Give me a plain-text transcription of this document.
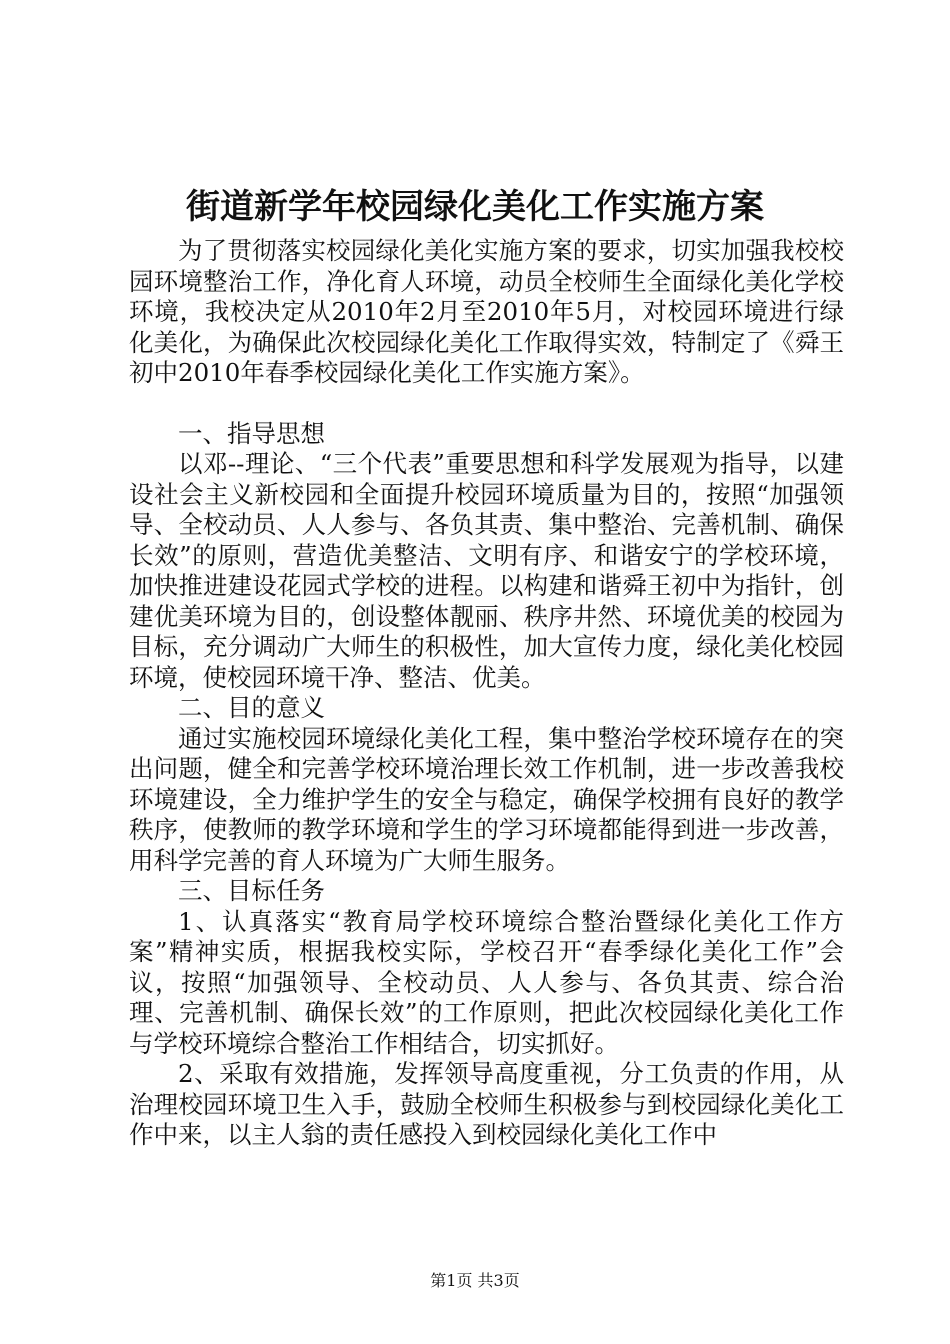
街道新学年校园绿化美化工作实施方案

为了贯彻落实校园绿化美化实施方案的要求，切实加强我校校园环境整治工作，净化育人环境，动员全校师生全面绿化美化学校环境，我校决定从2010年2月至2010年5月，对校园环境进行绿化美化，为确保此次校园绿化美化工作取得实效，特制定了《舜王初中2010年春季校园绿化美化工作实施方案》。

一、指导思想

以邓--理论、“三个代表”重要思想和科学发展观为指导，以建设社会主义新校园和全面提升校园环境质量为目的，按照“加强领导、全校动员、人人参与、各负其责、集中整治、完善机制、确保长效”的原则，营造优美整洁、文明有序、和谐安宁的学校环境，加快推进建设花园式学校的进程。以构建和谐舜王初中为指针，创建优美环境为目的，创设整体靓丽、秩序井然、环境优美的校园为目标，充分调动广大师生的积极性，加大宣传力度，绿化美化校园环境，使校园环境干净、整洁、优美。

二、目的意义

通过实施校园环境绿化美化工程，集中整治学校环境存在的突出问题，健全和完善学校环境治理长效工作机制，进一步改善我校环境建设，全力维护学生的安全与稳定，确保学校拥有良好的教学秩序，使教师的教学环境和学生的学习环境都能得到进一步改善，用科学完善的育人环境为广大师生服务。

三、目标任务

1、认真落实“教育局学校环境综合整治暨绿化美化工作方案”精神实质，根据我校实际，学校召开“春季绿化美化工作”会议，按照“加强领导、全校动员、人人参与、各负其责、综合治理、完善机制、确保长效”的工作原则，把此次校园绿化美化工作与学校环境综合整治工作相结合，切实抓好。

2、采取有效措施，发挥领导高度重视，分工负责的作用，从治理校园环境卫生入手，鼓励全校师生积极参与到校园绿化美化工作中来，以主人翁的责任感投入到校园绿化美化工作中

第1页 共3页
